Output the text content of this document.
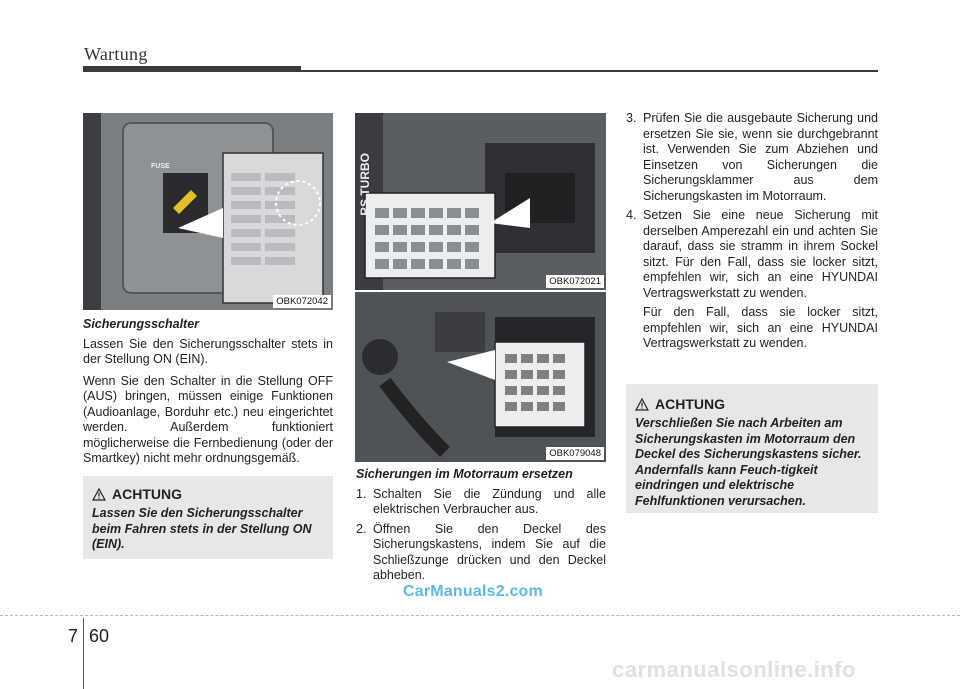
Wartung
FUSE
OBK072042
Sicherungsschalter

Lassen Sie den Sicherungsschalter stets in der Stellung ON (EIN).

Wenn Sie den Schalter in die Stellung OFF (AUS) bringen, müssen einige Funktionen (Audioanlage, Borduhr etc.) neu eingerichtet werden. Außerdem funktioniert möglicherweise die Fernbedienung (oder der Smartkey) nicht mehr ordnungsgemäß.

ACHTUNG
Lassen Sie den Sicherungsschalter beim Fahren stets in der Stellung ON (EIN).
RS TURBO
OBK072021
OBK079048
Sicherungen im Motorraum ersetzen
1. Schalten Sie die Zündung und alle elektrischen Verbraucher aus.
2. Öffnen Sie den Deckel des Sicherungskastens, indem Sie auf die Schließzunge drücken und den Deckel abheben.
3. Prüfen Sie die ausgebaute Sicherung und ersetzen Sie sie, wenn sie durchgebrannt ist. Verwenden Sie zum Abziehen und Einsetzen von Sicherungen die Sicherungsklammer aus dem Sicherungskasten im Motorraum.
4. Setzen Sie eine neue Sicherung mit derselben Amperezahl ein und achten Sie darauf, dass sie stramm in ihrem Sockel sitzt. Für den Fall, dass sie locker sitzt, empfehlen wir, sich an eine HYUNDAI Vertragswerkstatt zu wenden.

Für den Fall, dass sie locker sitzt, empfehlen wir, sich an eine HYUNDAI Vertragswerkstatt zu wenden.

ACHTUNG
Verschließen Sie nach Arbeiten am Sicherungskasten im Motorraum den Deckel des Sicherungskastens sicher. Andernfalls kann Feuch-tigkeit eindringen und elektrische Fehlfunktionen verursachen.
CarManuals2.com
7 60
carmanualsonline.info
